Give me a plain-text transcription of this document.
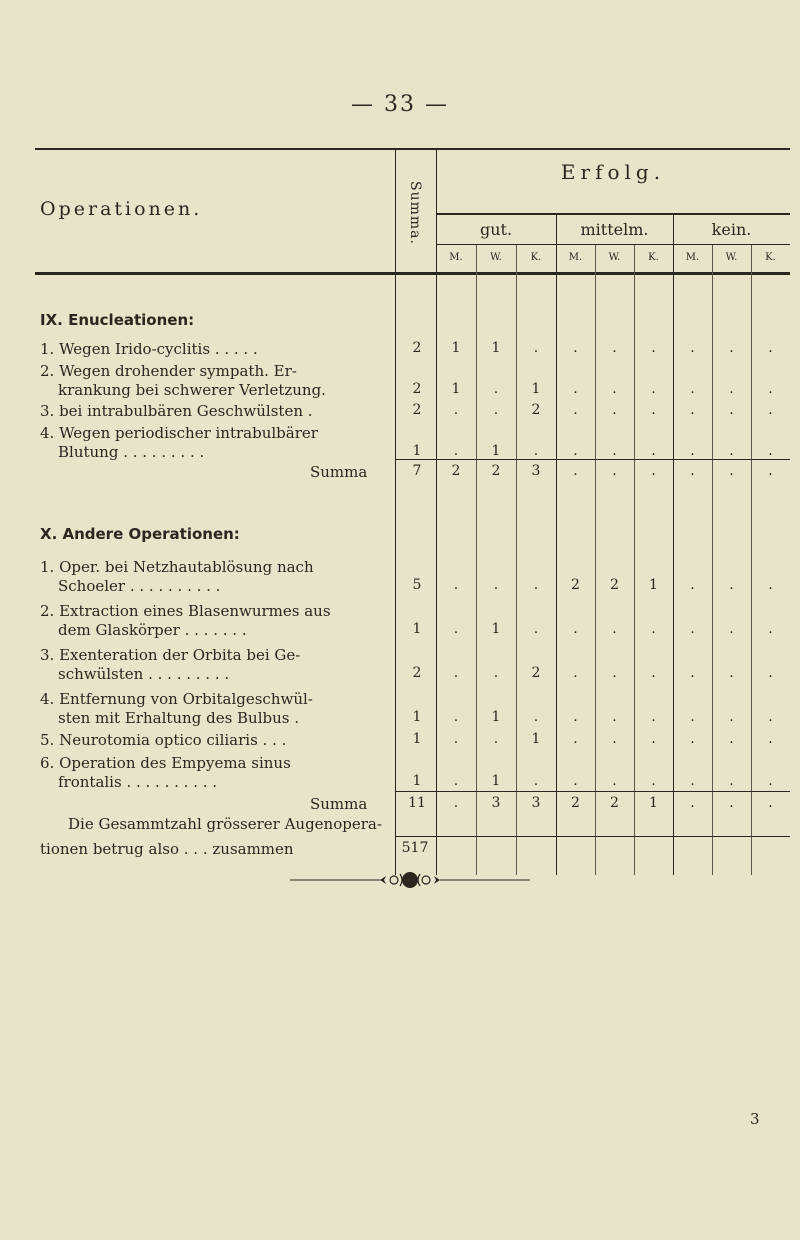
— 33 —
Operationen.	Summa.
Erfolg.
gut.	mittelm.	kein.
M.	W.	K.	M.	W.	K.	M.	W.	K.
IX. Enucleationen:
1. Wegen Irido-cyclitis . . . . .	2	1	1	.	.	.	.	.	.	.
2. Wegen drohender sympath. Er-
krankung bei schwerer Verletzung.	2	1	.	1	.	.	.	.	.	.
3. bei intrabulbären Geschwülsten .	2	.	.	2	.	.	.	.	.	.
4. Wegen periodischer intrabulbärer
Blutung . . . . . . . . .	1	.	1	.	.	.	.	.	.	.
Summa	7	2	2	3	.	.	.	.	.	.
X. Andere Operationen:
1. Oper. bei Netzhautablösung nach
Schoeler . . . . . . . . . .	5	.	.	.	2	2	1	.	.	.
2. Extraction eines Blasenwurmes aus
dem Glaskörper . . . . . . .	1	.	1	.	.	.	.	.	.	.
3. Exenteration der Orbita bei Ge-
schwülsten . . . . . . . . .	2	.	.	2	.	.	.	.	.	.
4. Entfernung von Orbitalgeschwül-
sten mit Erhaltung des Bulbus .	1	.	1	.	.	.	.	.	.	.
5. Neurotomia optico ciliaris . . .	1	.	.	1	.	.	.	.	.	.
6. Operation des Empyema sinus
frontalis . . . . . . . . . .	1	.	1	.	.	.	.	.	.	.
Summa	11	.	3	3	2	2	1	.	.	.
Die Gesammtzahl grösserer Augenopera-
tionen betrug also . . . zusammen	517
3
